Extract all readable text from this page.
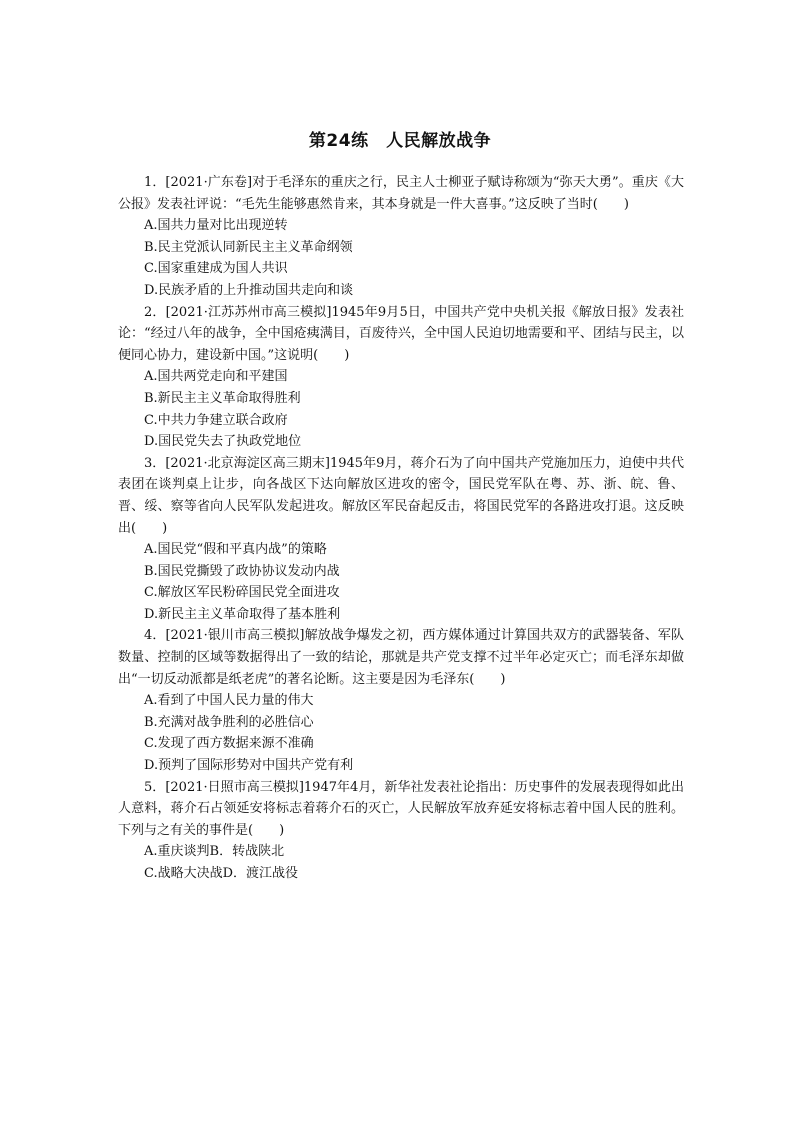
第24练　人民解放战争

1．[2021·广东卷]对于毛泽东的重庆之行，民主人士柳亚子赋诗称颂为“弥天大勇”。重庆《大公报》发表社评说：“毛先生能够惠然肯来，其本身就是一件大喜事。”这反映了当时(　　)

A.国共力量对比出现逆转

B.民主党派认同新民主主义革命纲领

C.国家重建成为国人共识

D.民族矛盾的上升推动国共走向和谈

2．[2021·江苏苏州市高三模拟]1945年9月5日，中国共产党中央机关报《解放日报》发表社论：“经过八年的战争，全中国疮痍满目，百废待兴，全中国人民迫切地需要和平、团结与民主，以便同心协力，建设新中国。”这说明(　　)

A.国共两党走向和平建国

B.新民主主义革命取得胜利

C.中共力争建立联合政府

D.国民党失去了执政党地位

3．[2021·北京海淀区高三期末]1945年9月，蒋介石为了向中国共产党施加压力，迫使中共代表团在谈判桌上让步，向各战区下达向解放区进攻的密令，国民党军队在粤、苏、浙、皖、鲁、晋、绥、察等省向人民军队发起进攻。解放区军民奋起反击，将国民党军的各路进攻打退。这反映出(　　)

A.国民党“假和平真内战”的策略

B.国民党撕毁了政协协议发动内战

C.解放区军民粉碎国民党全面进攻

D.新民主主义革命取得了基本胜利

4．[2021·银川市高三模拟]解放战争爆发之初，西方媒体通过计算国共双方的武器装备、军队数量、控制的区域等数据得出了一致的结论，那就是共产党支撑不过半年必定灭亡；而毛泽东却做出“一切反动派都是纸老虎”的著名论断。这主要是因为毛泽东(　　)

A.看到了中国人民力量的伟大

B.充满对战争胜利的必胜信心

C.发现了西方数据来源不准确

D.预判了国际形势对中国共产党有利

5．[2021·日照市高三模拟]1947年4月，新华社发表社论指出：历史事件的发展表现得如此出人意料，蒋介石占领延安将标志着蒋介石的灭亡，人民解放军放弃延安将标志着中国人民的胜利。下列与之有关的事件是(　　)

A.重庆谈判B．转战陕北

C.战略大决战D．渡江战役
